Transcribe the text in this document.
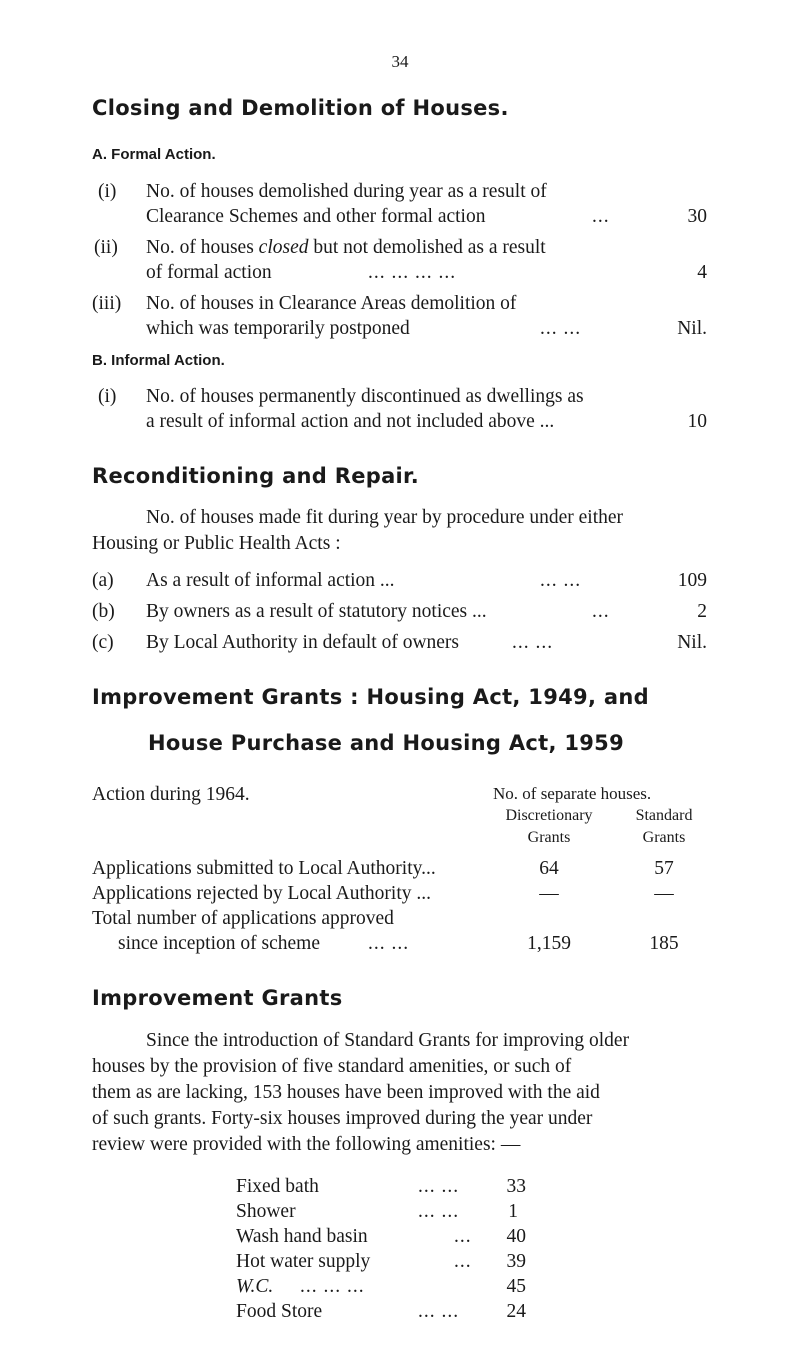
34
Closing and Demolition of Houses.
A. Formal Action.
(i) No. of houses demolished during year as a result of
Clearance Schemes and other formal action	...	30
(ii) No. of houses closed but not demolished as a result
of formal action	... ... ... ...	4
(iii) No. of houses in Clearance Areas demolition of
which was temporarily postponed	... ...	Nil.
B. Informal Action.
(i) No. of houses permanently discontinued as dwellings as
a result of informal action and not included above ...	10
Reconditioning and Repair.
No. of houses made fit during year by procedure under either
Housing or Public Health Acts :
(a) As a result of informal action ...	... ...	109
(b) By owners as a result of statutory notices ...	...	2
(c) By Local Authority in default of owners	... ...	Nil.
Improvement Grants : Housing Act, 1949, and
House Purchase and Housing Act, 1959
Action during 1964.	No. of separate houses.
Discretionary	Standard
Grants	Grants
Applications submitted to Local Authority...	64	57
Applications rejected by Local Authority ...	—	—
Total number of applications approved
since inception of scheme ... ...	1,159	185
Improvement Grants
Since the introduction of Standard Grants for improving older
houses by the provision of five standard amenities, or such of
them as are lacking, 153 houses have been improved with the aid
of such grants. Forty-six houses improved during the year under
review were provided with the following amenities: —
Fixed bath	... ...	33
Shower	... ...	1
Wash hand basin	...	40
Hot water supply	...	39
W.C. ... ... ...	45
Food Store	... ...	24
